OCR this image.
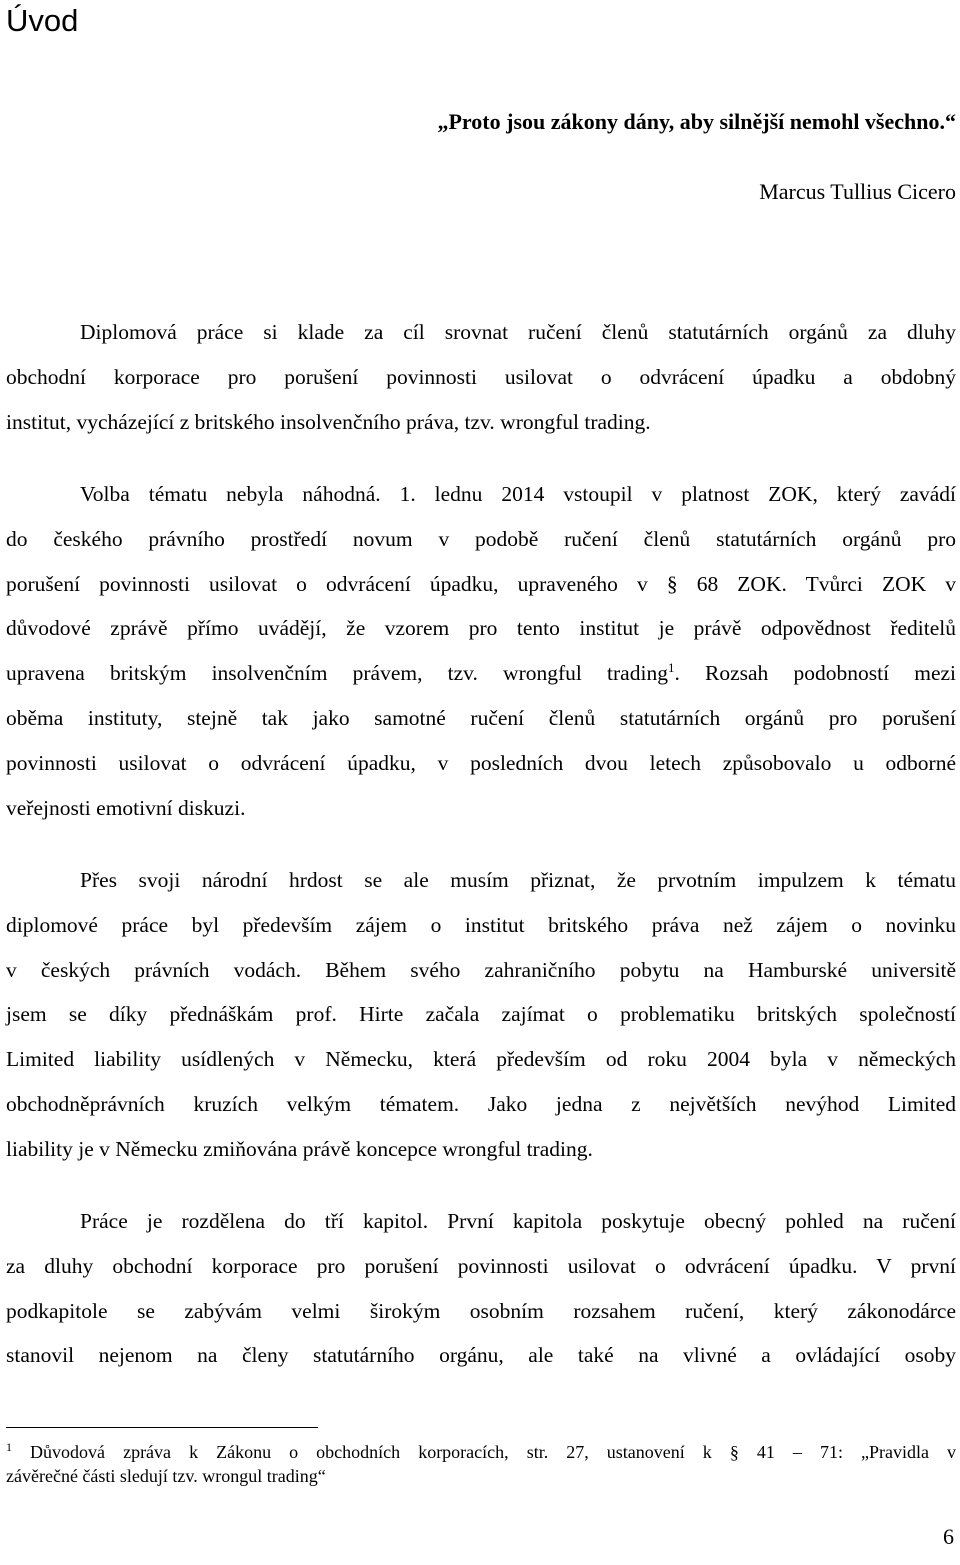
Úvod
„Proto jsou zákony dány, aby silnější nemohl všechno.“
Marcus Tullius Cicero
Diplomová práce si klade za cíl srovnat ručení členů statutárních orgánů za dluhy
obchodní korporace pro porušení povinnosti usilovat o odvrácení úpadku a obdobný
institut, vycházející z britského insolvenčního práva, tzv. wrongful trading.
Volba tématu nebyla náhodná. 1. lednu 2014 vstoupil v platnost ZOK, který zavádí
do českého právního prostředí novum v podobě ručení členů statutárních orgánů pro
porušení povinnosti usilovat o odvrácení úpadku, upraveného v § 68 ZOK. Tvůrci ZOK v
důvodové zprávě přímo uvádějí, že vzorem pro tento institut je právě odpovědnost ředitelů
upravena britským insolvenčním právem, tzv. wrongful trading$^1$. Rozsah podobností mezi
oběma instituty, stejně tak jako samotné ručení členů statutárních orgánů pro porušení
povinnosti usilovat o odvrácení úpadku, v posledních dvou letech způsobovalo u odborné
veřejnosti emotivní diskuzi.
Přes svoji národní hrdost se ale musím přiznat, že prvotním impulzem k tématu
diplomové práce byl především zájem o institut britského práva než zájem o novinku
v českých právních vodách. Během svého zahraničního pobytu na Hamburské universitě
jsem se díky přednáškám prof. Hirte začala zajímat o problematiku britských společností
Limited liability usídlených v Německu, která především od roku 2004 byla v německých
obchodněprávních kruzích velkým tématem. Jako jedna z největších nevýhod Limited
liability je v Německu zmiňována právě koncepce wrongful trading.
Práce je rozdělena do tří kapitol. První kapitola poskytuje obecný pohled na ručení
za dluhy obchodní korporace pro porušení povinnosti usilovat o odvrácení úpadku. V první
podkapitole se zabývám velmi širokým osobním rozsahem ručení, který zákonodárce
stanovil nejenom na členy statutárního orgánu, ale také na vlivné a ovládající osoby
$^1$ Důvodová zpráva k Zákonu o obchodních korporacích, str. 27, ustanovení k § 41 – 71: „Pravidla v
závěrečné části sledují tzv. wrongul trading“
6
